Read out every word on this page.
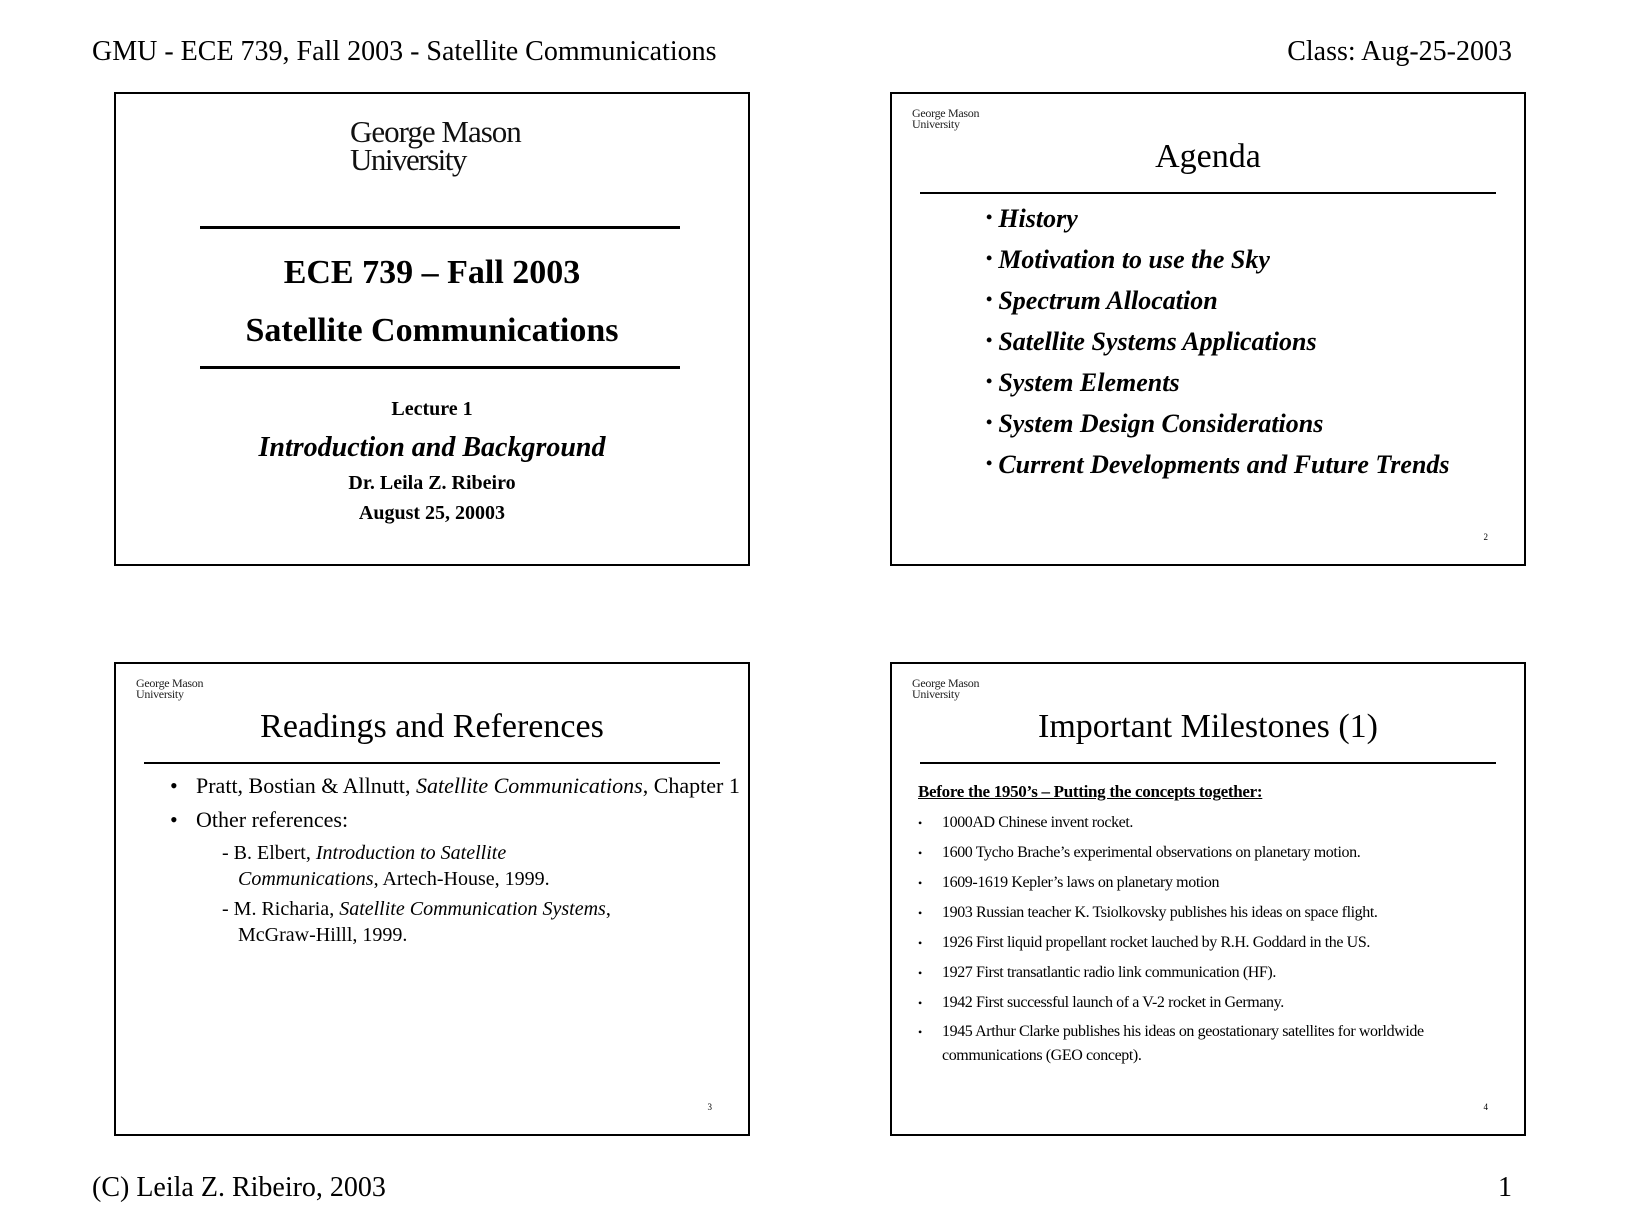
GMU - ECE 739, Fall 2003 - Satellite Communications	Class: Aug-25-2003
George Mason
University
ECE 739 – Fall 2003
Satellite Communications
Lecture 1
Introduction and Background
Dr. Leila Z. Ribeiro
August 25, 20003
George Mason
University
Agenda
• History
• Motivation to use the Sky
• Spectrum Allocation
• Satellite Systems Applications
• System Elements
• System Design Considerations
• Current Developments and Future Trends
2
George Mason
University
Readings and References
• Pratt, Bostian & Allnutt, Satellite Communications, Chapter 1
• Other references:
- B. Elbert, Introduction to Satellite Communications, Artech-House, 1999.
- M. Richaria, Satellite Communication Systems, McGraw-Hilll, 1999.
3
George Mason
University
Important Milestones (1)
Before the 1950’s – Putting the concepts together:
• 1000AD Chinese invent rocket.
• 1600 Tycho Brache’s experimental observations on planetary motion.
• 1609-1619 Kepler’s laws on planetary motion
• 1903 Russian teacher K. Tsiolkovsky publishes his ideas on space flight.
• 1926 First liquid propellant rocket lauched by R.H. Goddard in the US.
• 1927 First transatlantic radio link communication (HF).
• 1942 First successful launch of a V-2 rocket in Germany.
• 1945 Arthur Clarke publishes his ideas on geostationary satellites for worldwide communications (GEO concept).
4
(C) Leila Z. Ribeiro, 2003	1
